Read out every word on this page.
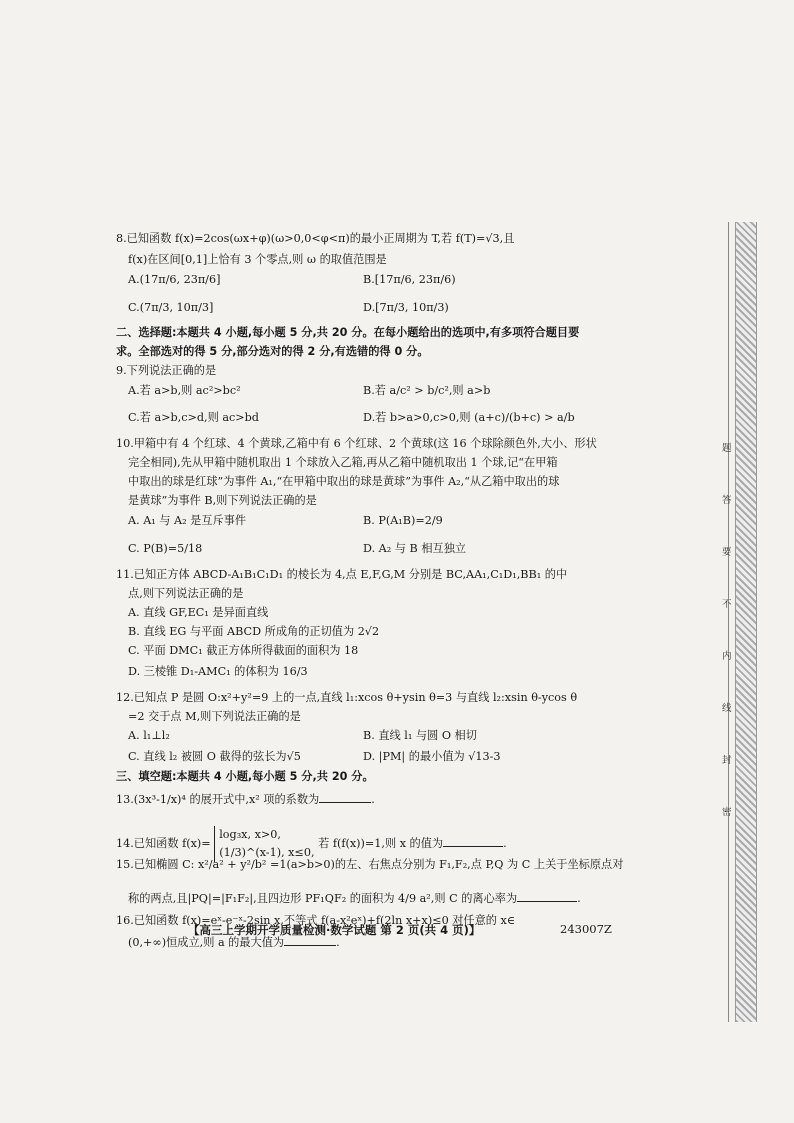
题
答
要
不
内
线
封
密
8.已知函数 f(x)=2cos(ωx+φ)(ω>0,0<φ<π)的最小正周期为 T,若 f(T)=√3,且
f(x)在区间[0,1]上恰有 3 个零点,则 ω 的取值范围是
A.(17π/6, 23π/6]	B.[17π/6, 23π/6)
C.(7π/3, 10π/3]	D.[7π/3, 10π/3)
二、选择题:本题共 4 小题,每小题 5 分,共 20 分。在每小题给出的选项中,有多项符合题目要
求。全部选对的得 5 分,部分选对的得 2 分,有选错的得 0 分。
9.下列说法正确的是
A.若 a>b,则 ac²>bc²	B.若 a/c² > b/c²,则 a>b
C.若 a>b,c>d,则 ac>bd	D.若 b>a>0,c>0,则 (a+c)/(b+c) > a/b
10.甲箱中有 4 个红球、4 个黄球,乙箱中有 6 个红球、2 个黄球(这 16 个球除颜色外,大小、形状
完全相同),先从甲箱中随机取出 1 个球放入乙箱,再从乙箱中随机取出 1 个球,记“在甲箱
中取出的球是红球”为事件 A₁,“在甲箱中取出的球是黄球”为事件 A₂,“从乙箱中取出的球
是黄球”为事件 B,则下列说法正确的是
A. A₁ 与 A₂ 是互斥事件	B. P(A₁B)=2/9
C. P(B)=5/18	D. A₂ 与 B 相互独立
11.已知正方体 ABCD-A₁B₁C₁D₁ 的棱长为 4,点 E,F,G,M 分别是 BC,AA₁,C₁D₁,BB₁ 的中
点,则下列说法正确的是
A. 直线 GF,EC₁ 是异面直线
B. 直线 EG 与平面 ABCD 所成角的正切值为 2√2
C. 平面 DMC₁ 截正方体所得截面的面积为 18
D. 三棱锥 D₁-AMC₁ 的体积为 16/3
12.已知点 P 是圆 O:x²+y²=9 上的一点,直线 l₁:xcos θ+ysin θ=3 与直线 l₂:xsin θ-ycos θ
=2 交于点 M,则下列说法正确的是
A. l₁⊥l₂	B. 直线 l₁ 与圆 O 相切
C. 直线 l₂ 被圆 O 截得的弦长为√5	D. |PM| 的最小值为 √13-3
三、填空题:本题共 4 小题,每小题 5 分,共 20 分。
13.(3x³-1/x)⁴ 的展开式中,x² 项的系数为	.
14.已知函数 f(x)=
log₃x, x>0,
(1/3)^(x-1), x≤0,
若 f(f(x))=1,则 x 的值为	.
15.已知椭圆 C: x²/a² + y²/b² =1(a>b>0)的左、右焦点分别为 F₁,F₂,点 P,Q 为 C 上关于坐标原点对
称的两点,且|PQ|=|F₁F₂|,且四边形 PF₁QF₂ 的面积为 4/9 a²,则 C 的离心率为	.
16.已知函数 f(x)=eˣ-e⁻ˣ-2sin x,不等式 f(a-x²eˣ)+f(2ln x+x)≤0 对任意的 x∈
(0,+∞)恒成立,则 a 的最大值为	.
【高三上学期开学质量检测·数学试题 第 2 页(共 4 页)】	243007Z
